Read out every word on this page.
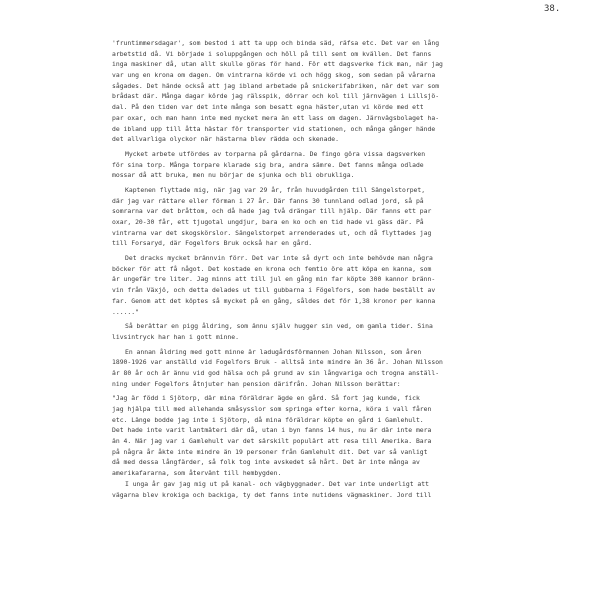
38.
'fruntimmersdagar', som bestod i att ta upp och binda säd, räfsa etc. Det var en lång
arbetstid då. Vi började i soluppgången och höll på till sent om kvällen. Det fanns
inga maskiner då, utan allt skulle göras för hand. För ett dagsverke fick man, när jag
var ung en krona om dagen. Om vintrarna körde vi och högg skog, som sedan på vårarna
sågades. Det hände också att jag ibland arbetade på snickerifabriken, när det var som
brådast där. Många dagar körde jag rälsspik, dörrar och kol till järnvägen i Lillsjö-
dal. På den tiden var det inte många som besatt egna häster,utan vi körde med ett
par oxar, och man hann inte med mycket mera än ett lass om dagen. Järnvägsbolaget ha-
de ibland upp till åtta hästar för transporter vid stationen, och många gånger hände
det allvarliga olyckor när hästarna blev rädda och skenade.
Mycket arbete utfördes av torparna på gårdarna. De fingo göra vissa dagsverken
för sina torp. Många torpare klarade sig bra, andra sämre. Det fanns många odlade
mossar då att bruka, men nu börjar de sjunka och bli obrukliga.
Kaptenen flyttade mig, när jag var 29 år, från huvudgården till Sängelstorpet,
där jag var rättare eller förman i 27 år. Där fanns 30 tunnland odlad jord, så på
somrarna var det bråttom, och då hade jag två drängar till hjälp. Där fanns ett par
oxar, 20-30 får, ett tjugotal ungdjur, bara en ko och en tid hade vi gäss där. På
vintrarna var det skogskörslor. Sängelstorpet arrenderades ut, och då flyttades jag
till Forsaryd, där Fogelfors Bruk också har en gård.
Det dracks mycket brännvin förr. Det var inte så dyrt och inte behövde man några
böcker för att få något. Det kostade en krona och femtio öre att köpa en kanna, som
är ungefär tre liter. Jag minns att till jul en gång min far köpte 300 kannor bränn-
vin från Växjö, och detta delades ut till gubbarna i Fögelfors, som hade beställt av
far. Genom att det köptes så mycket på en gång, såldes det för 1,38 kronor per kanna
......"
Så berättar en pigg åldring, som ännu själv hugger sin ved, om gamla tider. Sina
livsintryck har han i gott minne.
En annan åldring med gott minne är ladugårdsförmannen Johan Nilsson, som åren
1890-1926 var anställd vid Fogelfors Bruk - alltså inte mindre än 36 år. Johan Nilsson
är 80 år och är ännu vid god hälsa och på grund av sin långvariga och trogna anställ-
ning under Fogelfors åtnjuter han pension därifrån. Johan Nilsson berättar:
"Jag är född i Sjötorp, där mina föräldrar ägde en gård. Så fort jag kunde, fick
jag hjälpa till med allehanda småsysslor som springa efter korna, köra i vall fåren
etc. Länge bodde jag inte i Sjötorp, då mina föräldrar köpte en gård i Gamlehult.
Det hade inte varit lantmäteri där då, utan i byn fanns 14 hus, nu är där inte mera
än 4. När jag var i Gamlehult var det särskilt populärt att resa till Amerika. Bara
på några år åkte inte mindre än 19 personer från Gamlehult dit. Det var så vanligt
då med dessa långfärder, så folk tog inte avskedet så hårt. Det är inte många av
amerikafararna, som återvänt till hembygden.
I unga år gav jag mig ut på kanal- och vägbyggnader. Det var inte underligt att
vägarna blev krokiga och backiga, ty det fanns inte nutidens vägmaskiner. Jord till
